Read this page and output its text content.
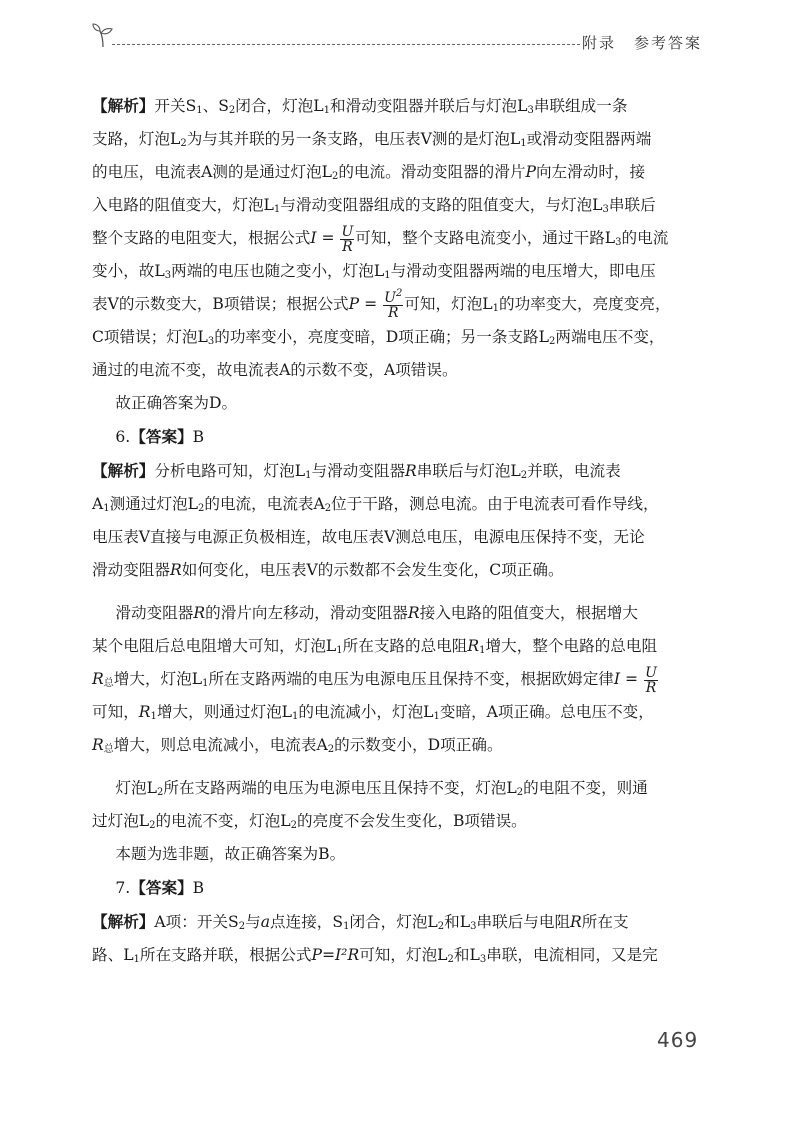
附录 参考答案

【解析】开关$S_1$、$S_2$闭合，灯泡$L_1$和滑动变阻器并联后与灯泡$L_3$串联组成一条
支路，灯泡$L_2$为与其并联的另一条支路，电压表V测的是灯泡$L_1$或滑动变阻器两端
的电压，电流表A测的是通过灯泡$L_2$的电流。滑动变阻器的滑片P向左滑动时，接
入电路的阻值变大，灯泡$L_1$与滑动变阻器组成的支路的阻值变大，与灯泡$L_3$串联后
整个支路的电阻变大，根据公式$I = \frac{U}{R}$ 可知，整个支路电流变小，通过干路$L_3$的电流
变小，故$L_3$两端的电压也随之变小，灯泡$L_1$与滑动变阻器两端的电压增大，即电压
表V的示数变大，B项错误；根据公式$P = \frac{U^2}{R}$ 可知，灯泡$L_1$的功率变大，亮度变亮，
C项错误；灯泡$L_3$的功率变小，亮度变暗，D项正确；另一条支路$L_2$两端电压不变，
通过的电流不变，故电流表A的示数不变，A项错误。

  故正确答案为D。

  6.【答案】B

【解析】分析电路可知，灯泡$L_1$与滑动变阻器R串联后与灯泡$L_2$并联，电流表
$A_1$测通过灯泡$L_2$的电流，电流表$A_2$位于干路，测总电流。由于电流表可看作导线，
电压表V直接与电源正负极相连，故电压表V测总电压，电源电压保持不变，无论
滑动变阻器R如何变化，电压表V的示数都不会发生变化，C项正确。

  滑动变阻器R的滑片向左移动，滑动变阻器R接入电路的阻值变大，根据增大
某个电阻后总电阻增大可知，灯泡$L_1$所在支路的总电阻$R_1$增大，整个电路的总电阻
$R_总$增大，灯泡$L_1$所在支路两端的电压为电源电压且保持不变，根据欧姆定律$I = \frac{U}{R}$

可知，$R_1$增大，则通过灯泡$L_1$的电流减小，灯泡$L_1$变暗，A项正确。总电压不变，
$R_总$增大，则总电流减小，电流表$A_2$的示数变小，D项正确。

  灯泡$L_2$所在支路两端的电压为电源电压且保持不变，灯泡$L_2$的电阻不变，则通
过灯泡$L_2$的电流不变，灯泡$L_2$的亮度不会发生变化，B项错误。

  本题为选非题，故正确答案为B。

  7.【答案】B

【解析】A项：开关$S_2$与a点连接，$S_1$闭合，灯泡$L_2$和$L_3$串联后与电阻R所在支
路、$L_1$所在支路并联，根据公式P=I²R可知，灯泡$L_2$和$L_3$串联，电流相同，又是完

469
